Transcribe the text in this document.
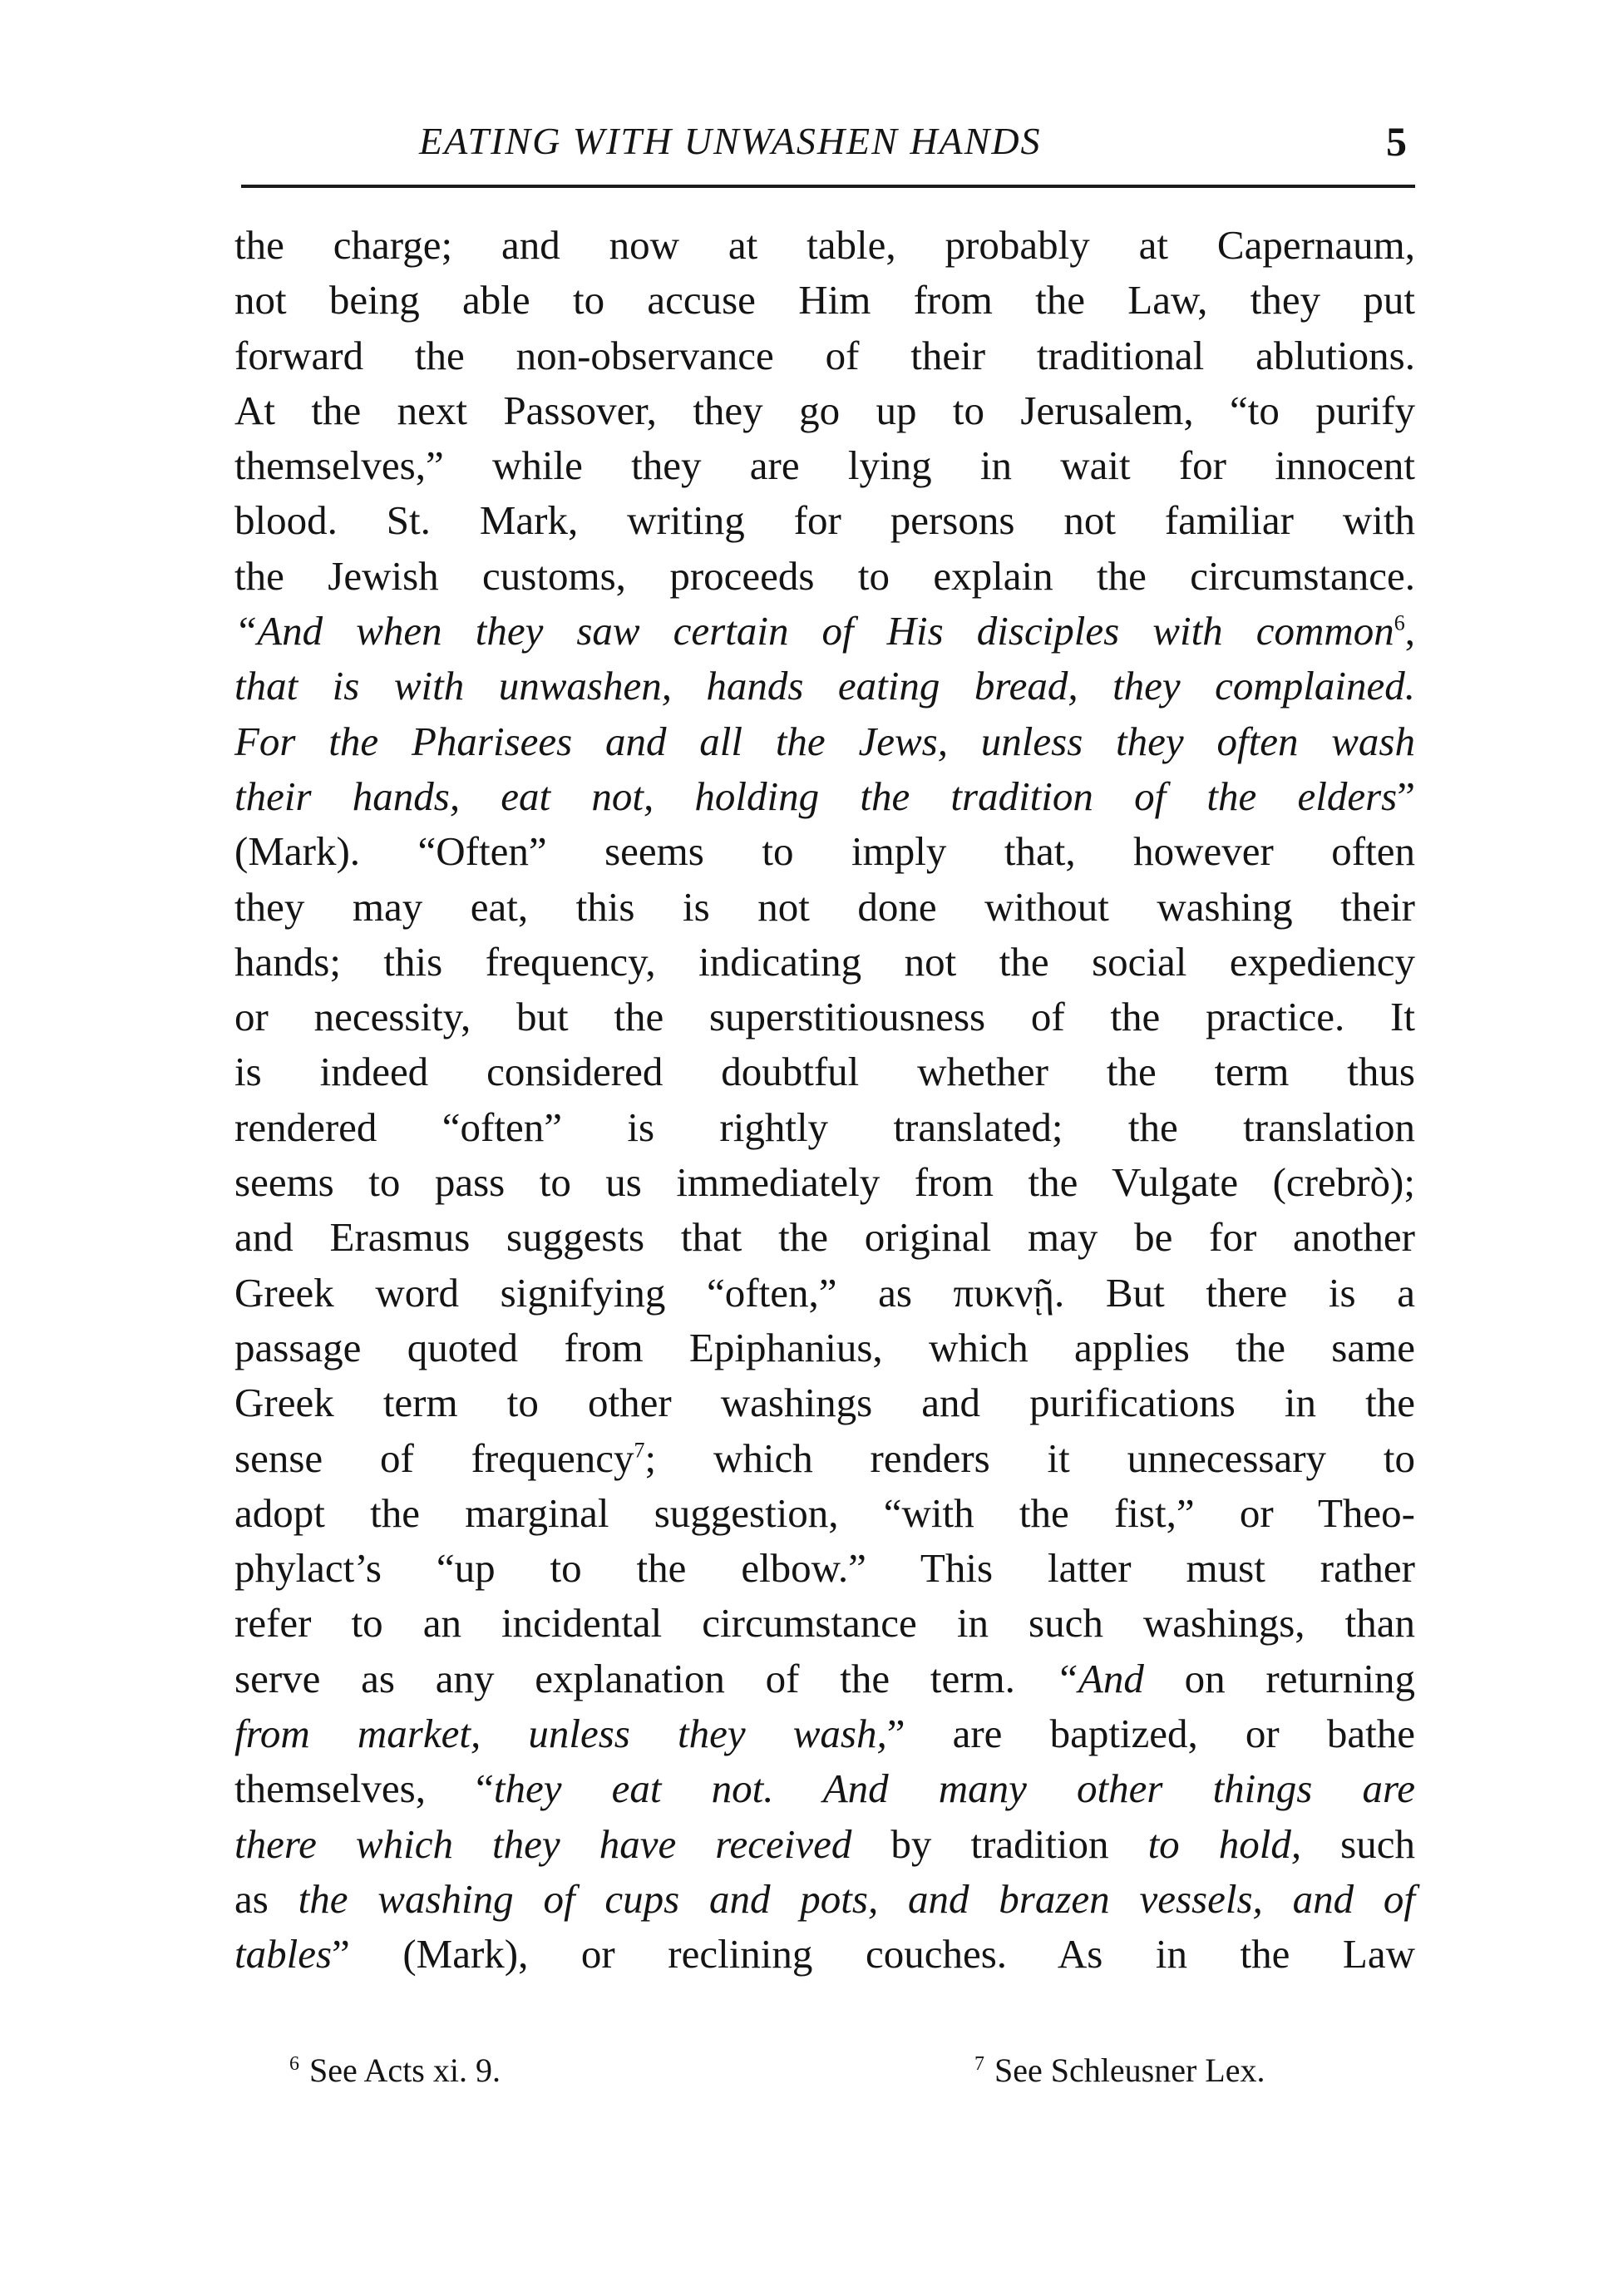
EATING WITH UNWASHEN HANDS	5
the charge; and now at table, probably at Capernaum,
not being able to accuse Him from the Law, they put
forward the non-observance of their traditional ablutions.
At the next Passover, they go up to Jerusalem, “to purify
themselves,” while they are lying in wait for innocent
blood. St. Mark, writing for persons not familiar with
the Jewish customs, proceeds to explain the circumstance.
“And when they saw certain of His disciples with common$^6$,
that is with unwashen, hands eating bread, they complained.
For the Pharisees and all the Jews, unless they often wash
their hands, eat not, holding the tradition of the elders”
(Mark). “Often” seems to imply that, however often
they may eat, this is not done without washing their
hands; this frequency, indicating not the social expediency
or necessity, but the superstitiousness of the practice. It
is indeed considered doubtful whether the term thus
rendered “often” is rightly translated; the translation
seems to pass to us immediately from the Vulgate (crebrò);
and Erasmus suggests that the original may be for another
Greek word signifying “often,” as πυκνῇ. But there is a
passage quoted from Epiphanius, which applies the same
Greek term to other washings and purifications in the
sense of frequency$^7$; which renders it unnecessary to
adopt the marginal suggestion, “with the fist,” or Theo-
phylact’s “up to the elbow.” This latter must rather
refer to an incidental circumstance in such washings, than
serve as any explanation of the term. “And on returning
from market, unless they wash,” are baptized, or bathe
themselves, “they eat not. And many other things are
there which they have received by tradition to hold, such
as the washing of cups and pots, and brazen vessels, and of
tables” (Mark), or reclining couches. As in the Law
$^6$ See Acts xi. 9.	$^7$ See Schleusner Lex.
